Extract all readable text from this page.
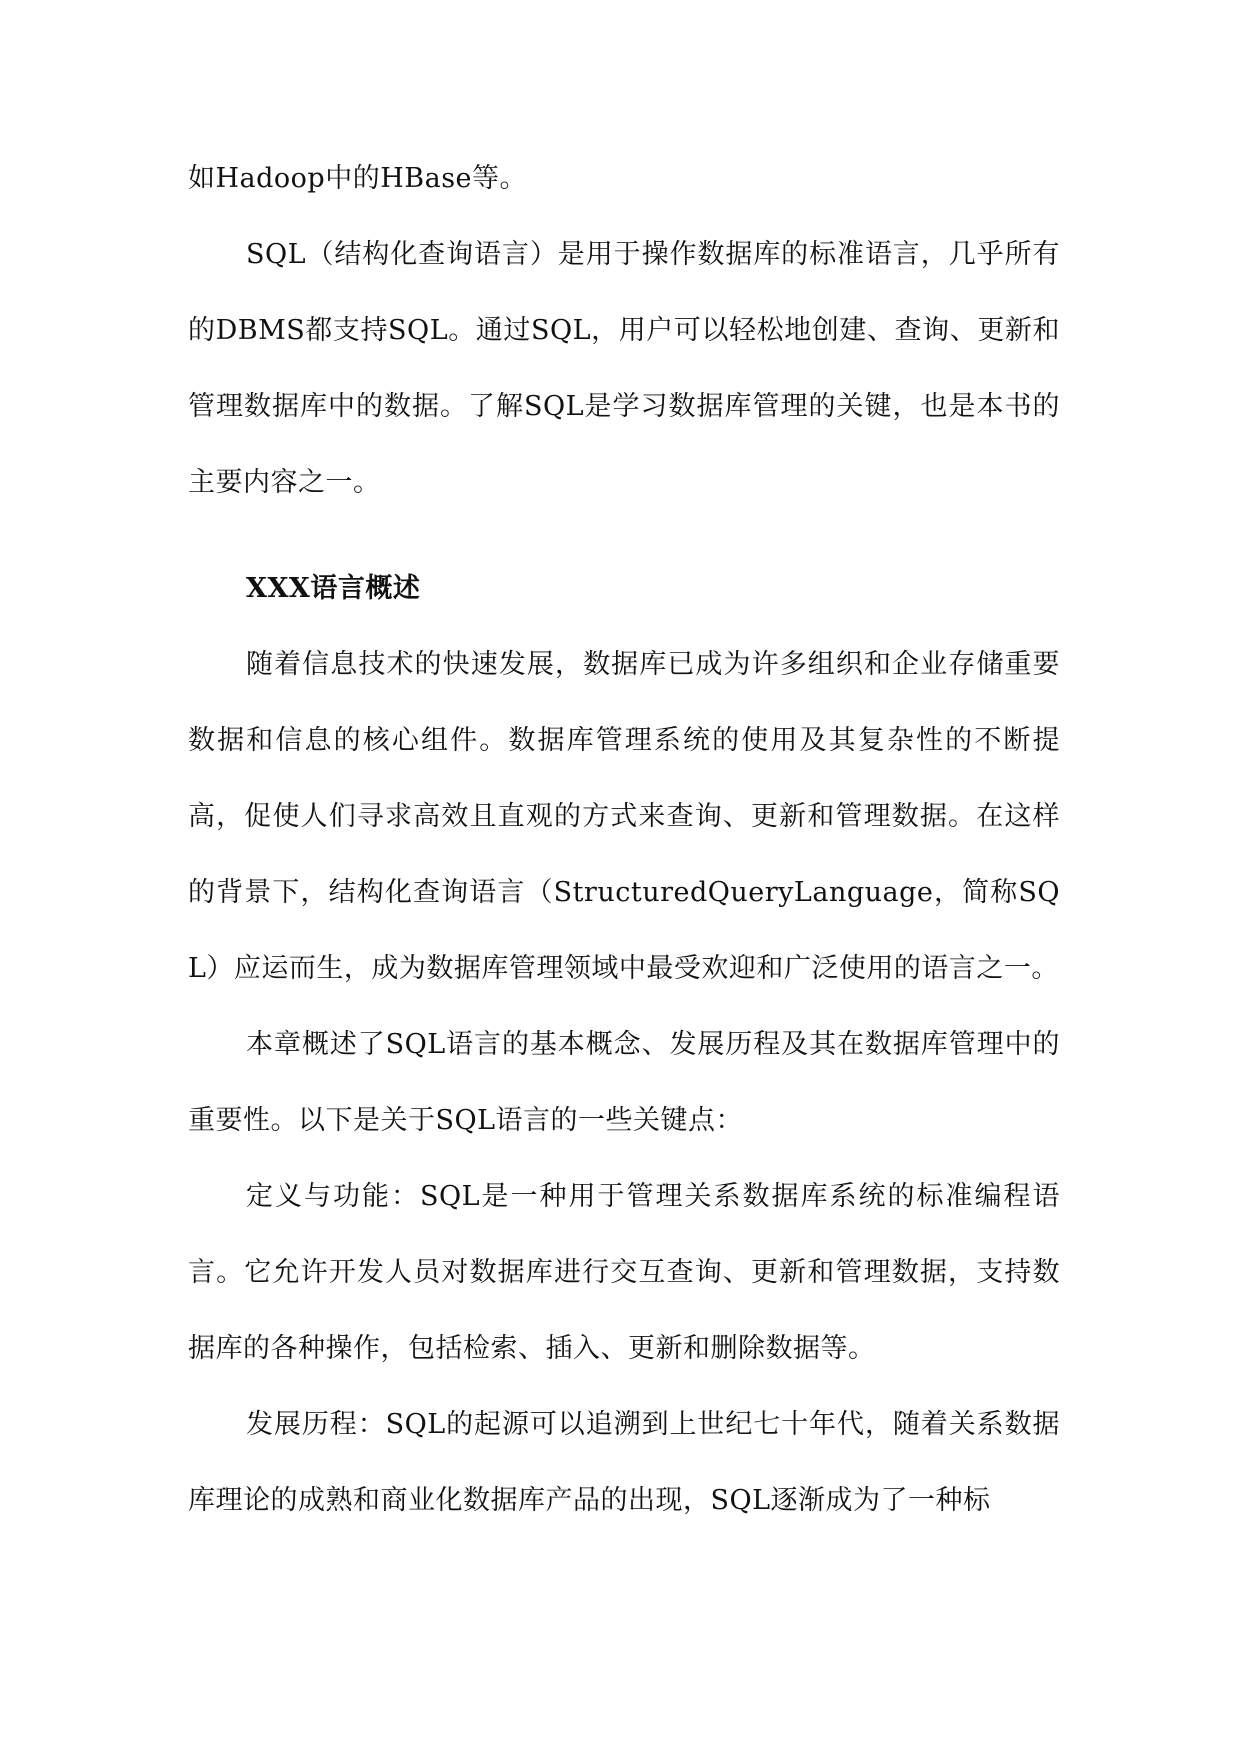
如Hadoop中的HBase等。

SQL（结构化查询语言）是用于操作数据库的标准语言，几乎所有的DBMS都支持SQL。通过SQL，用户可以轻松地创建、查询、更新和管理数据库中的数据。了解SQL是学习数据库管理的关键，也是本书的主要内容之一。

XXX语言概述

随着信息技术的快速发展，数据库已成为许多组织和企业存储重要数据和信息的核心组件。数据库管理系统的使用及其复杂性的不断提高，促使人们寻求高效且直观的方式来查询、更新和管理数据。在这样的背景下，结构化查询语言（StructuredQueryLanguage，简称SQL）应运而生，成为数据库管理领域中最受欢迎和广泛使用的语言之一。

本章概述了SQL语言的基本概念、发展历程及其在数据库管理中的重要性。以下是关于SQL语言的一些关键点：

定义与功能：SQL是一种用于管理关系数据库系统的标准编程语言。它允许开发人员对数据库进行交互查询、更新和管理数据，支持数据库的各种操作，包括检索、插入、更新和删除数据等。

发展历程：SQL的起源可以追溯到上世纪七十年代，随着关系数据库理论的成熟和商业化数据库产品的出现，SQL逐渐成为了一种标
